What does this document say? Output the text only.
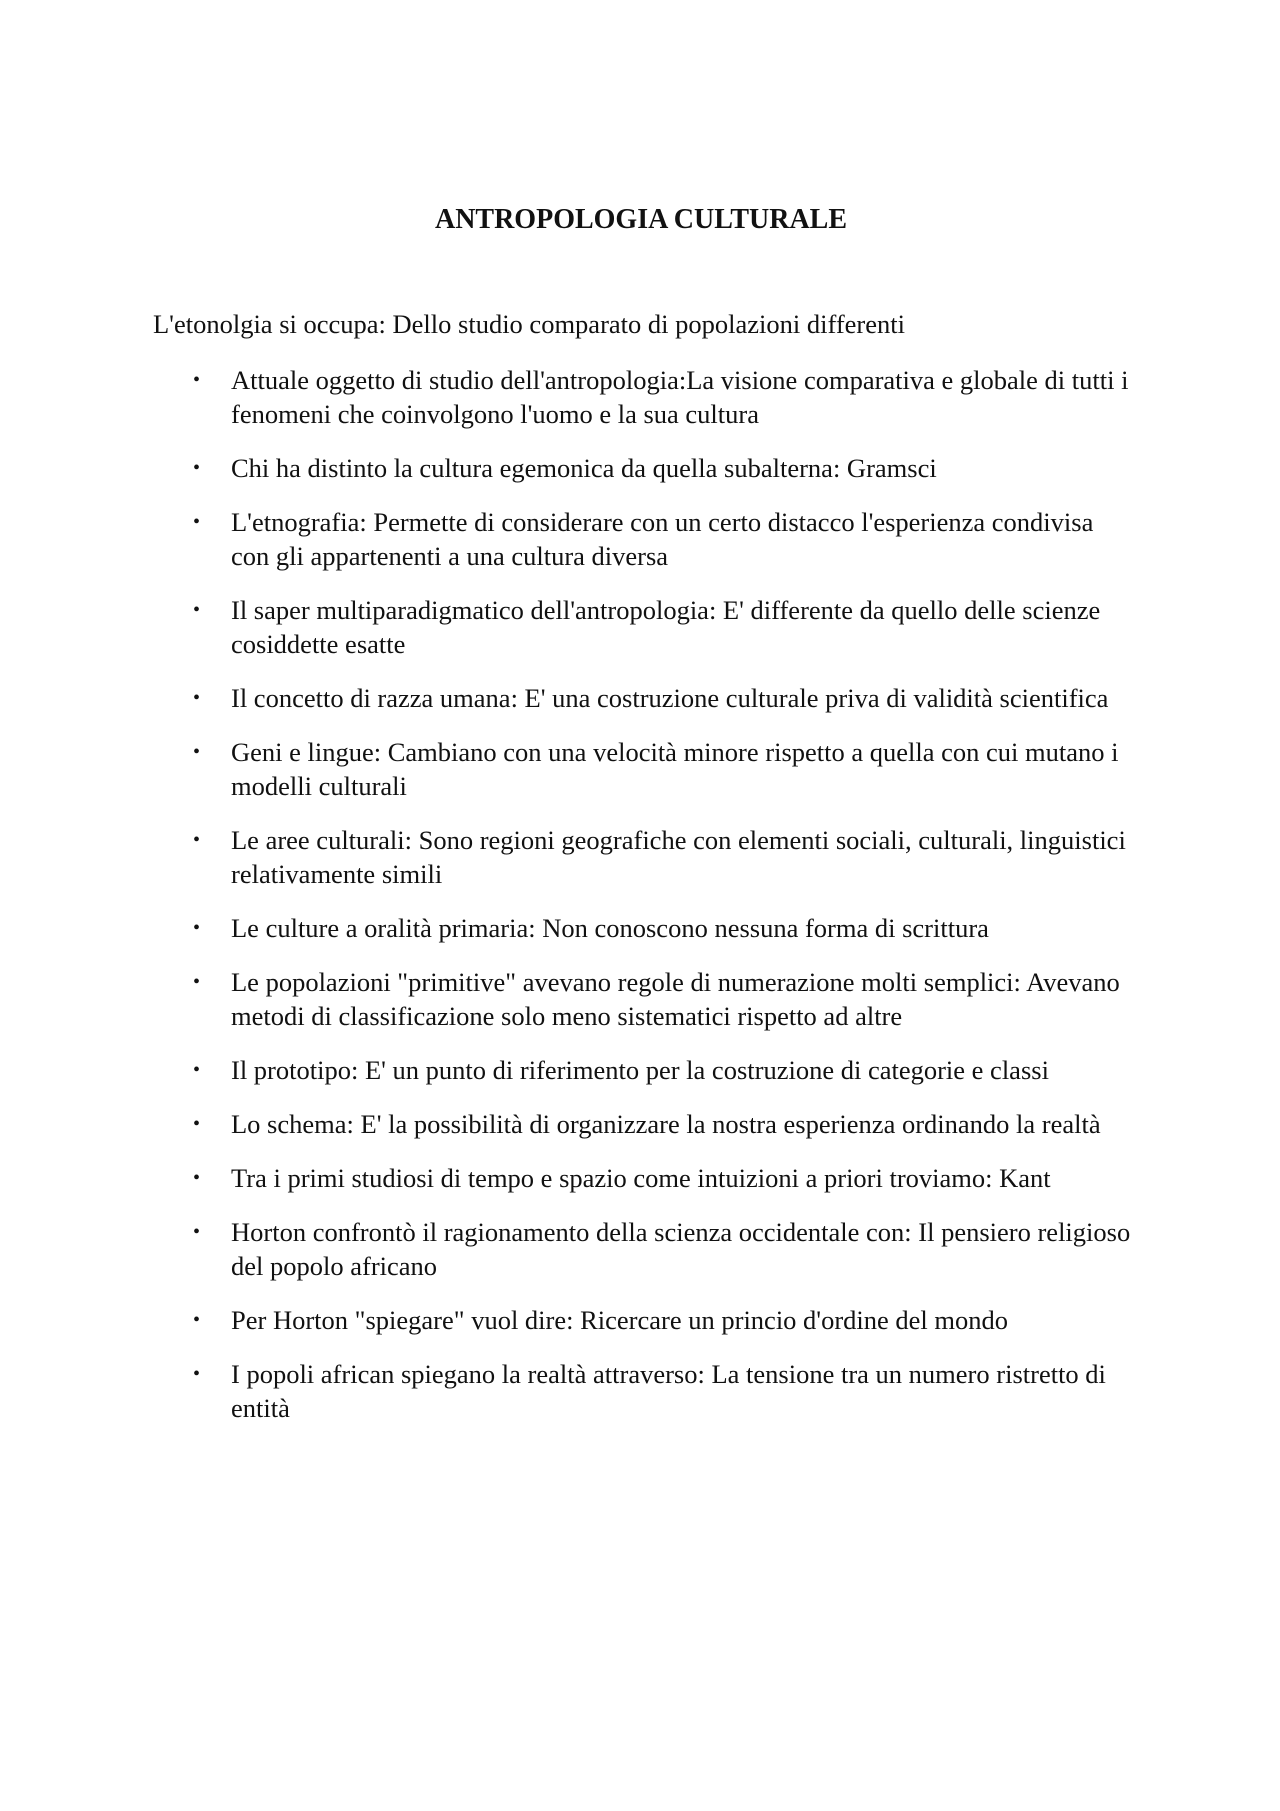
ANTROPOLOGIA CULTURALE

L'etonolgia si occupa: Dello studio comparato di popolazioni differenti

• Attuale oggetto di studio dell'antropologia:La visione comparativa e globale di tutti i fenomeni che coinvolgono l'uomo e la sua cultura
• Chi ha distinto la cultura egemonica da quella subalterna: Gramsci
• L'etnografia: Permette di considerare con un certo distacco l'esperienza condivisa con gli appartenenti a una cultura diversa
• Il saper multiparadigmatico dell'antropologia: E' differente da quello delle scienze cosiddette esatte
• Il concetto di razza umana: E' una costruzione culturale priva di validità scientifica
• Geni e lingue: Cambiano con una velocità minore rispetto a quella con cui mutano i modelli culturali
• Le aree culturali: Sono regioni geografiche con elementi sociali, culturali, linguistici relativamente simili
• Le culture a oralità primaria: Non conoscono nessuna forma di scrittura
• Le popolazioni "primitive" avevano regole di numerazione molti semplici: Avevano metodi di classificazione solo meno sistematici rispetto ad altre
• Il prototipo: E' un punto di riferimento per la costruzione di categorie e classi
• Lo schema: E' la possibilità di organizzare la nostra esperienza ordinando la realtà
• Tra i primi studiosi di tempo e spazio come intuizioni a priori troviamo: Kant
• Horton confrontò il ragionamento della scienza occidentale con: Il pensiero religioso del popolo africano
• Per Horton "spiegare" vuol dire: Ricercare un princio d'ordine del mondo
• I popoli african spiegano la realtà attraverso: La tensione tra un numero ristretto di entità
